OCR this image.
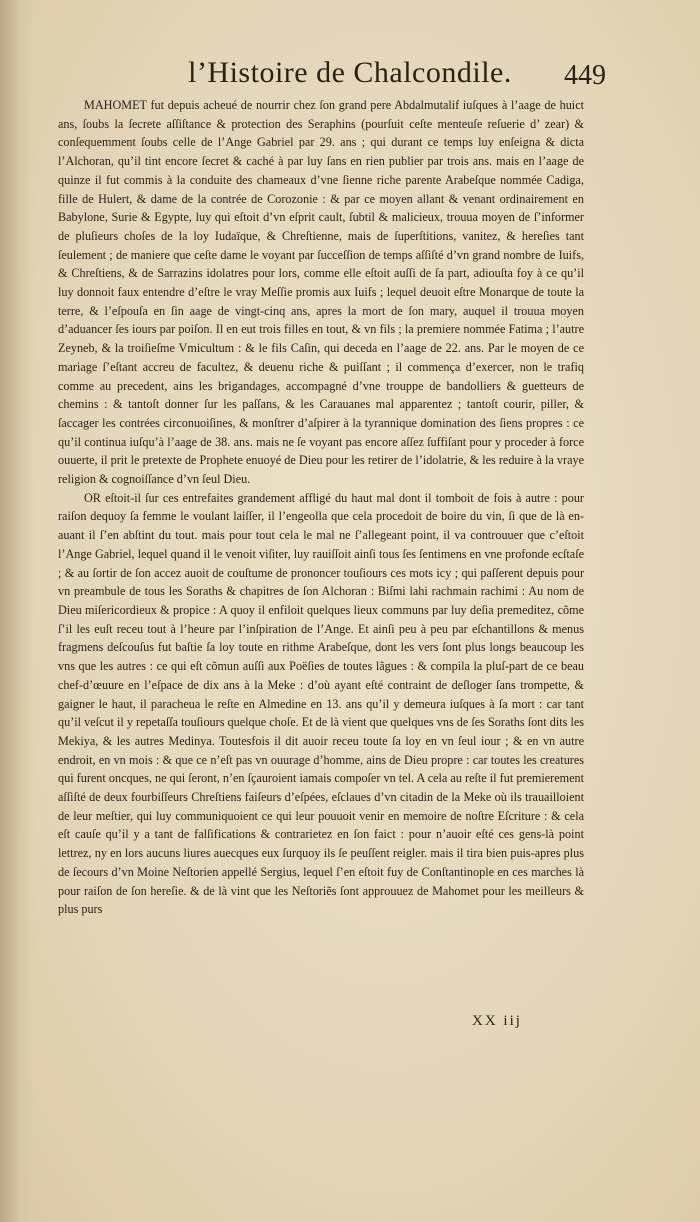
l’Histoire de Chalcondile.	449

MAHOMET fut depuis acheué de nourrir chez ſon grand pere Abdalmutalif iuſques à l’aage de huict ans, ſoubs la ſecrete aſſiſtance & protection des Seraphins (pourſuit ceſte menteuſe reſuerie d’ zear) & conſequemment ſoubs celle de l’Ange Gabriel par 29. ans ; qui durant ce temps luy enſeigna & dicta l’Alchoran, qu’il tint encore ſecret & caché à par luy ſans en rien publier par trois ans. mais en l’aage de quinze il fut commis à la conduite des chameaux d’vne ſienne riche parente Arabeſque nommée Cadiga, fille de Hulert, & dame de la contrée de Corozonie : & par ce moyen allant & venant ordinairement en Babylone, Surie & Egypte, luy qui eſtoit d’vn eſprit cault, ſubtil & malicieux, trouua moyen de ſ’informer de pluſieurs choſes de la loy Iudaïque, & Chreſtienne, mais de ſuperſtitions, vanitez, & hereſies tant ſeulement ; de maniere que ceſte dame le voyant par ſucceſſion de temps aſſiſté d’vn grand nombre de Iuifs, & Chreſtiens, & de Sarrazins idolatres pour lors, comme elle eſtoit auſſi de ſa part, adiouſta foy à ce qu’il luy donnoit faux entendre d’eſtre le vray Meſſie promis aux Iuifs ; lequel deuoit eſtre Monarque de toute la terre, & l’eſpouſa en ſin aage de vingt-cinq ans, apres la mort de ſon mary, auquel il trouua moyen d’aduancer ſes iours par poiſon. Il en eut trois filles en tout, & vn fils ; la premiere nommée Fatima ; l’autre Zeyneb, & la troiſieſme Vmicultum : & le fils Caſin, qui deceda en l’aage de 22. ans. Par le moyen de ce mariage ſ’eſtant accreu de facultez, & deuenu riche & puiſſant ; il commença d’exercer, non le trafiq comme au precedent, ains les brigandages, accompagné d’vne trouppe de bandolliers & guetteurs de chemins : & tantoſt donner ſur les paſſans, & les Carauanes mal apparentez ; tantoſt courir, piller, & ſaccager les contrées circonuoiſines, & monſtrer d’aſpirer à la tyrannique domination des ſiens propres : ce qu’il continua iuſqu’à l’aage de 38. ans. mais ne ſe voyant pas encore aſſez ſuffiſant pour y proceder à force ouuerte, il prit le pretexte de Prophete enuoyé de Dieu pour les retirer de l’idolatrie, & les reduire à la vraye religion & cognoiſſance d’vn ſeul Dieu.

OR eſtoit-il ſur ces entrefaites grandement affligé du haut mal dont il tomboit de fois à autre : pour raiſon dequoy ſa femme le voulant laiſſer, il l’engeolla que cela procedoit de boire du vin, ſi que de là en-auant il ſ’en abſtint du tout. mais pour tout cela le mal ne ſ’allegeant point, il va controuuer que c’eſtoit l’Ange Gabriel, lequel quand il le venoit viſiter, luy rauiſſoit ainſi tous ſes ſentimens en vne profonde ecſtaſe ; & au ſortir de ſon accez auoit de couſtume de prononcer touſiours ces mots icy ; qui paſſerent depuis pour vn preambule de tous les Soraths & chapitres de ſon Alchoran : Biſmi lahi rachmain rachimi : Au nom de Dieu miſericordieux & propice : A quoy il enfiloit quelques lieux communs par luy deſia premeditez, cõme ſ’il les euſt receu tout à l’heure par l’inſpiration de l’Ange. Et ainſi peu à peu par eſchantillons & menus fragmens deſcouſus fut baſtie ſa loy toute en rithme Arabeſque, dont les vers ſont plus longs beaucoup les vns que les autres : ce qui eſt cõmun auſſi aux Poëſies de toutes lãgues : & compila la pluſ-part de ce beau chef-d’œuure en l’eſpace de dix ans à la Meke : d’où ayant eſté contraint de deſloger ſans trompette, & gaigner le haut, il paracheua le reſte en Almedine en 13. ans qu’il y demeura iuſques à ſa mort : car tant qu’il veſcut il y repetaſſa touſiours quelque choſe. Et de là vient que quelques vns de ſes Soraths ſont dits les Mekiya, & les autres Medinya. Toutesfois il dit auoir receu toute ſa loy en vn ſeul iour ; & en vn autre endroit, en vn mois : & que ce n’eſt pas vn ouurage d’homme, ains de Dieu propre : car toutes les creatures qui furent oncques, ne qui ſeront, n’en ſçauroient iamais compoſer vn tel. A cela au reſte il fut premierement aſſiſté de deux fourbiſſeurs Chreſtiens faiſeurs d’eſpées, eſclaues d’vn citadin de la Meke où ils trauailloient de leur meſtier, qui luy communiquoient ce qui leur pouuoit venir en memoire de noſtre Eſcriture : & cela eſt cauſe qu’il y a tant de falſifications & contrarietez en ſon faict : pour n’auoir eſté ces gens-là point lettrez, ny en lors aucuns liures auecques eux ſurquoy ils ſe peuſſent reigler. mais il tira bien puis-apres plus de ſecours d’vn Moine Neſtorien appellé Sergius, lequel ſ’en eſtoit fuy de Conſtantinople en ces marches là pour raiſon de ſon hereſie. & de là vint que les Neſtoriẽs ſont approuuez de Mahomet pour les meilleurs & plus purs

XX iij
